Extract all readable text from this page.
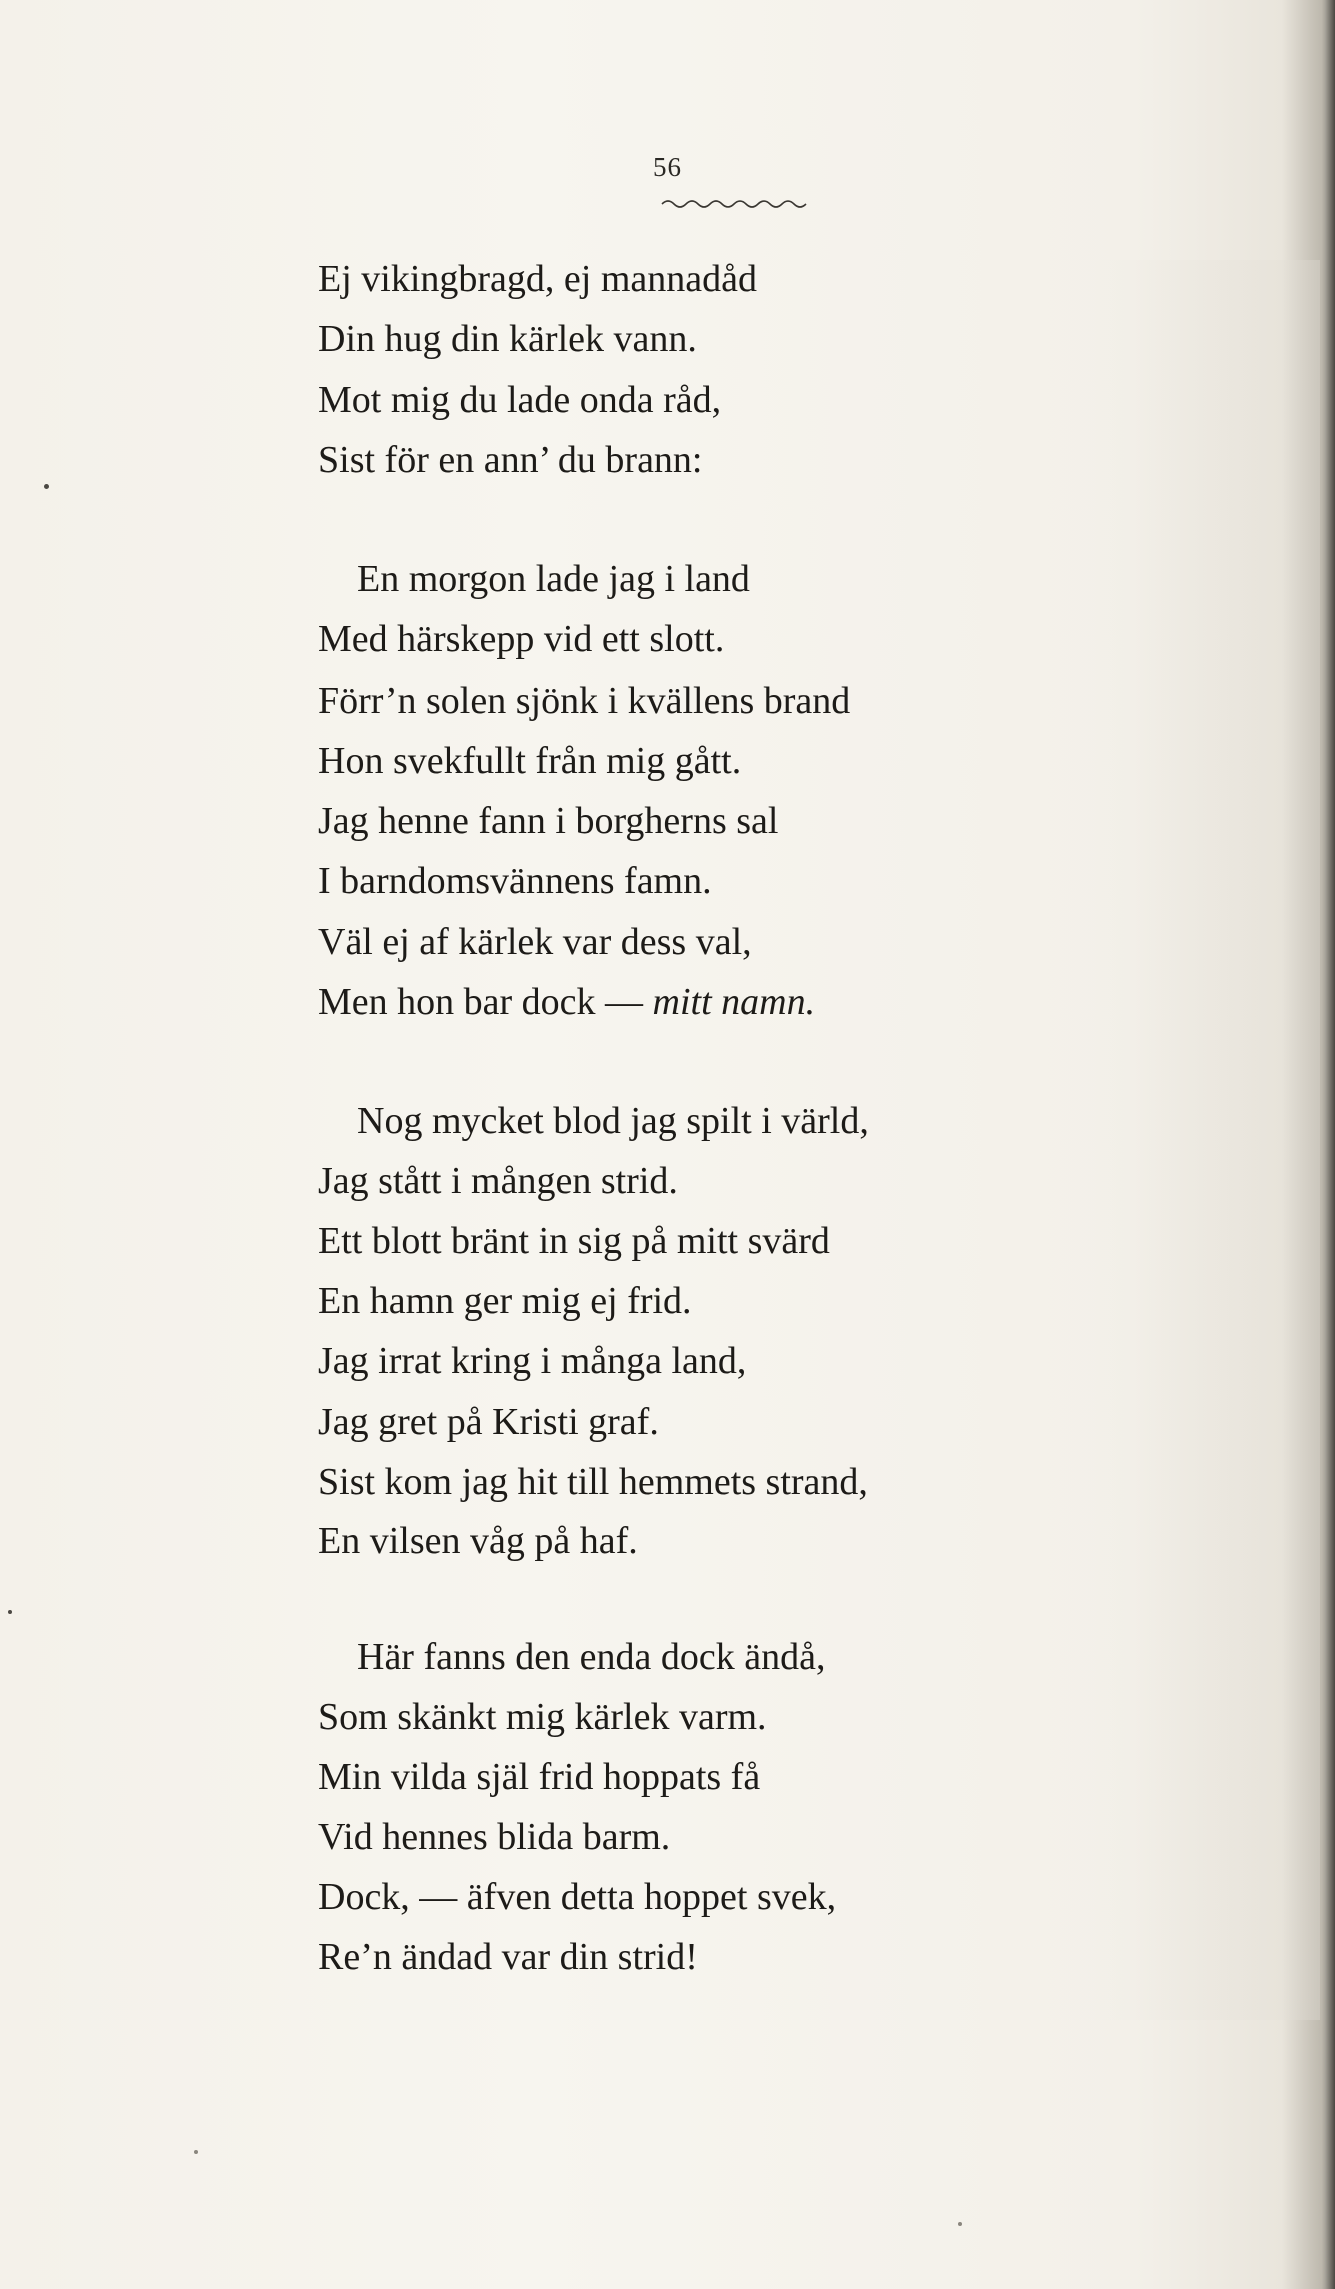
56
Ej vikingbragd, ej mannadåd
Din hug din kärlek vann.
Mot mig du lade onda råd,
Sist för en ann’ du brann:
En morgon lade jag i land
Med härskepp vid ett slott.
Förr’n solen sjönk i kvällens brand
Hon svekfullt från mig gått.
Jag henne fann i borgherns sal
I barndomsvännens famn.
Väl ej af kärlek var dess val,
Men hon bar dock — mitt namn.
Nog mycket blod jag spilt i värld,
Jag stått i mången strid.
Ett blott bränt in sig på mitt svärd
En hamn ger mig ej frid.
Jag irrat kring i många land,
Jag gret på Kristi graf.
Sist kom jag hit till hemmets strand,
En vilsen våg på haf.
Här fanns den enda dock ändå,
Som skänkt mig kärlek varm.
Min vilda själ frid hoppats få
Vid hennes blida barm.
Dock, — äfven detta hoppet svek,
Re’n ändad var din strid!
